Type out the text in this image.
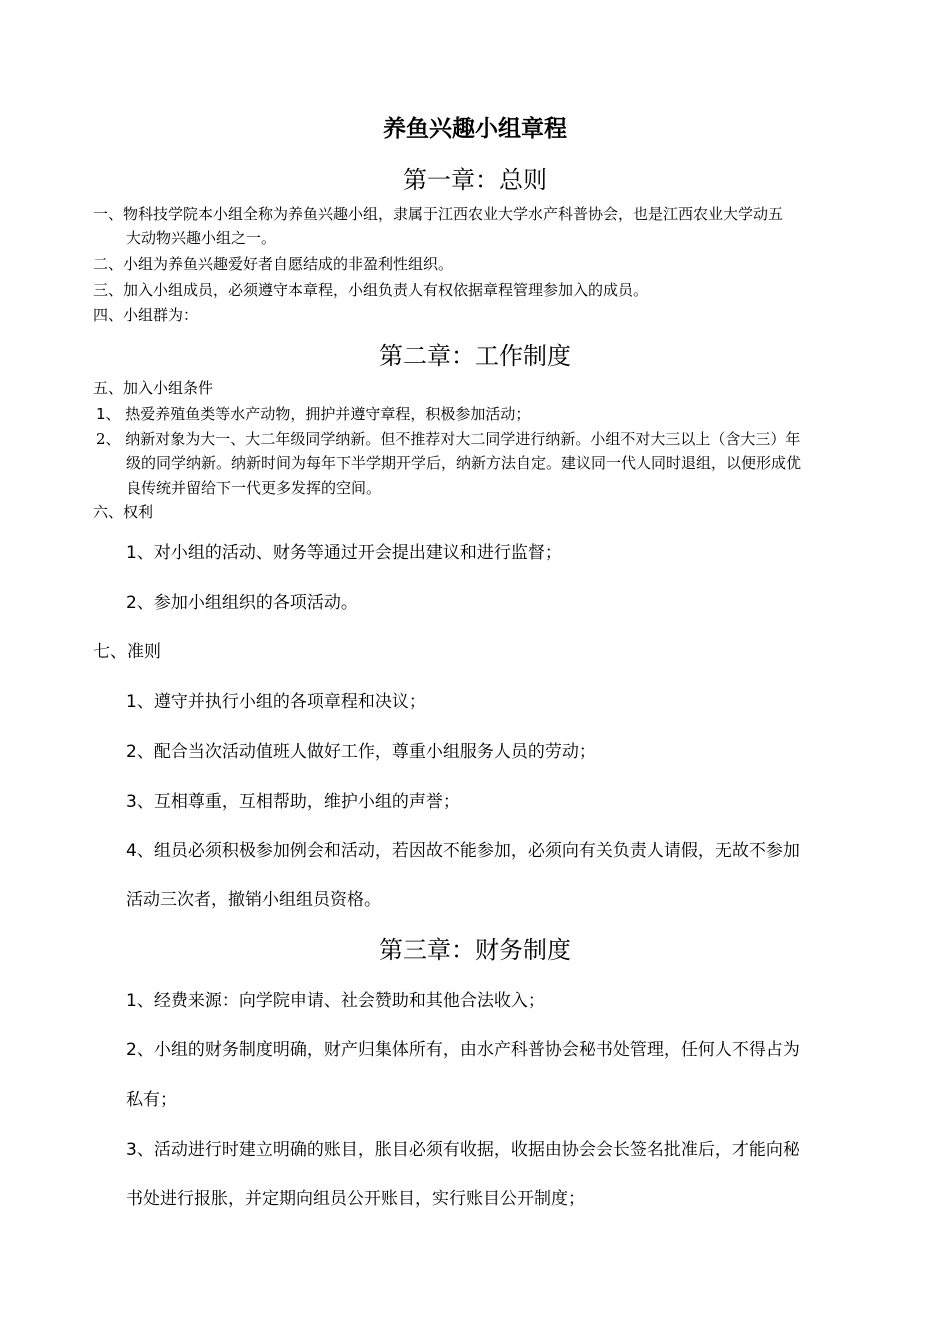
养鱼兴趣小组章程
第一章：总则
一、物科技学院本小组全称为养鱼兴趣小组，隶属于江西农业大学水产科普协会，也是江西农业大学动五
大动物兴趣小组之一。
二、小组为养鱼兴趣爱好者自愿结成的非盈利性组织。
三、加入小组成员，必须遵守本章程，小组负责人有权依据章程管理参加入的成员。
四、小组群为：
第二章：工作制度
五、加入小组条件
1、 热爱养殖鱼类等水产动物，拥护并遵守章程，积极参加活动；
2、 纳新对象为大一、大二年级同学纳新。但不推荐对大二同学进行纳新。小组不对大三以上（含大三）年
级的同学纳新。纳新时间为每年下半学期开学后，纳新方法自定。建议同一代人同时退组，以便形成优
良传统并留给下一代更多发挥的空间。
六、权利
1、对小组的活动、财务等通过开会提出建议和进行监督；
2、参加小组组织的各项活动。
七、准则
1、遵守并执行小组的各项章程和决议；
2、配合当次活动值班人做好工作，尊重小组服务人员的劳动；
3、互相尊重，互相帮助，维护小组的声誉；
4、组员必须积极参加例会和活动，若因故不能参加，必须向有关负责人请假，无故不参加
活动三次者，撤销小组组员资格。
第三章：财务制度
1、经费来源：向学院申请、社会赞助和其他合法收入；
2、小组的财务制度明确，财产归集体所有，由水产科普协会秘书处管理，任何人不得占为
私有；
3、活动进行时建立明确的账目，胀目必须有收据，收据由协会会长签名批准后，才能向秘
书处进行报胀，并定期向组员公开账目，实行账目公开制度；
